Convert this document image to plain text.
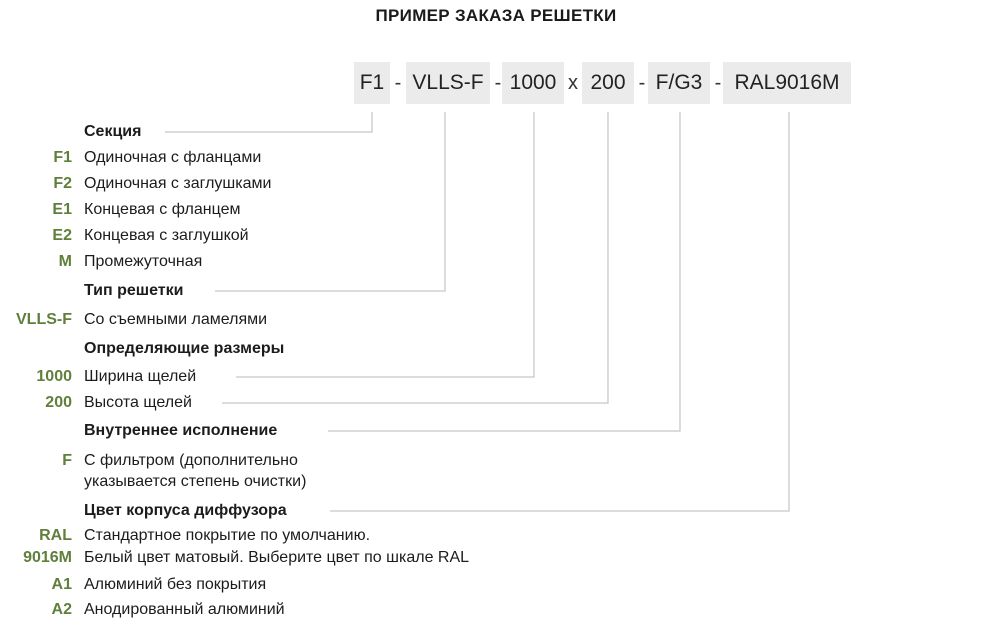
ПРИМЕР ЗАКАЗА РЕШЕТКИ
F1 - VLLS-F - 1000 x 200 - F/G3 - RAL9016M
Секция
F1 Одиночная с фланцами
F2 Одиночная с заглушками
E1 Концевая с фланцем
E2 Концевая с заглушкой
M Промежуточная
Тип решетки
VLLS-F Со съемными ламелями
Определяющие размеры
1000 Ширина щелей
200 Высота щелей
Внутреннее исполнение
F С фильтром (дополнительно
указывается степень очистки)
Цвет корпуса диффузора
RAL Стандартное покрытие по умолчанию.
9016M Белый цвет матовый. Выберите цвет по шкале RAL
A1 Алюминий без покрытия
A2 Анодированный алюминий
